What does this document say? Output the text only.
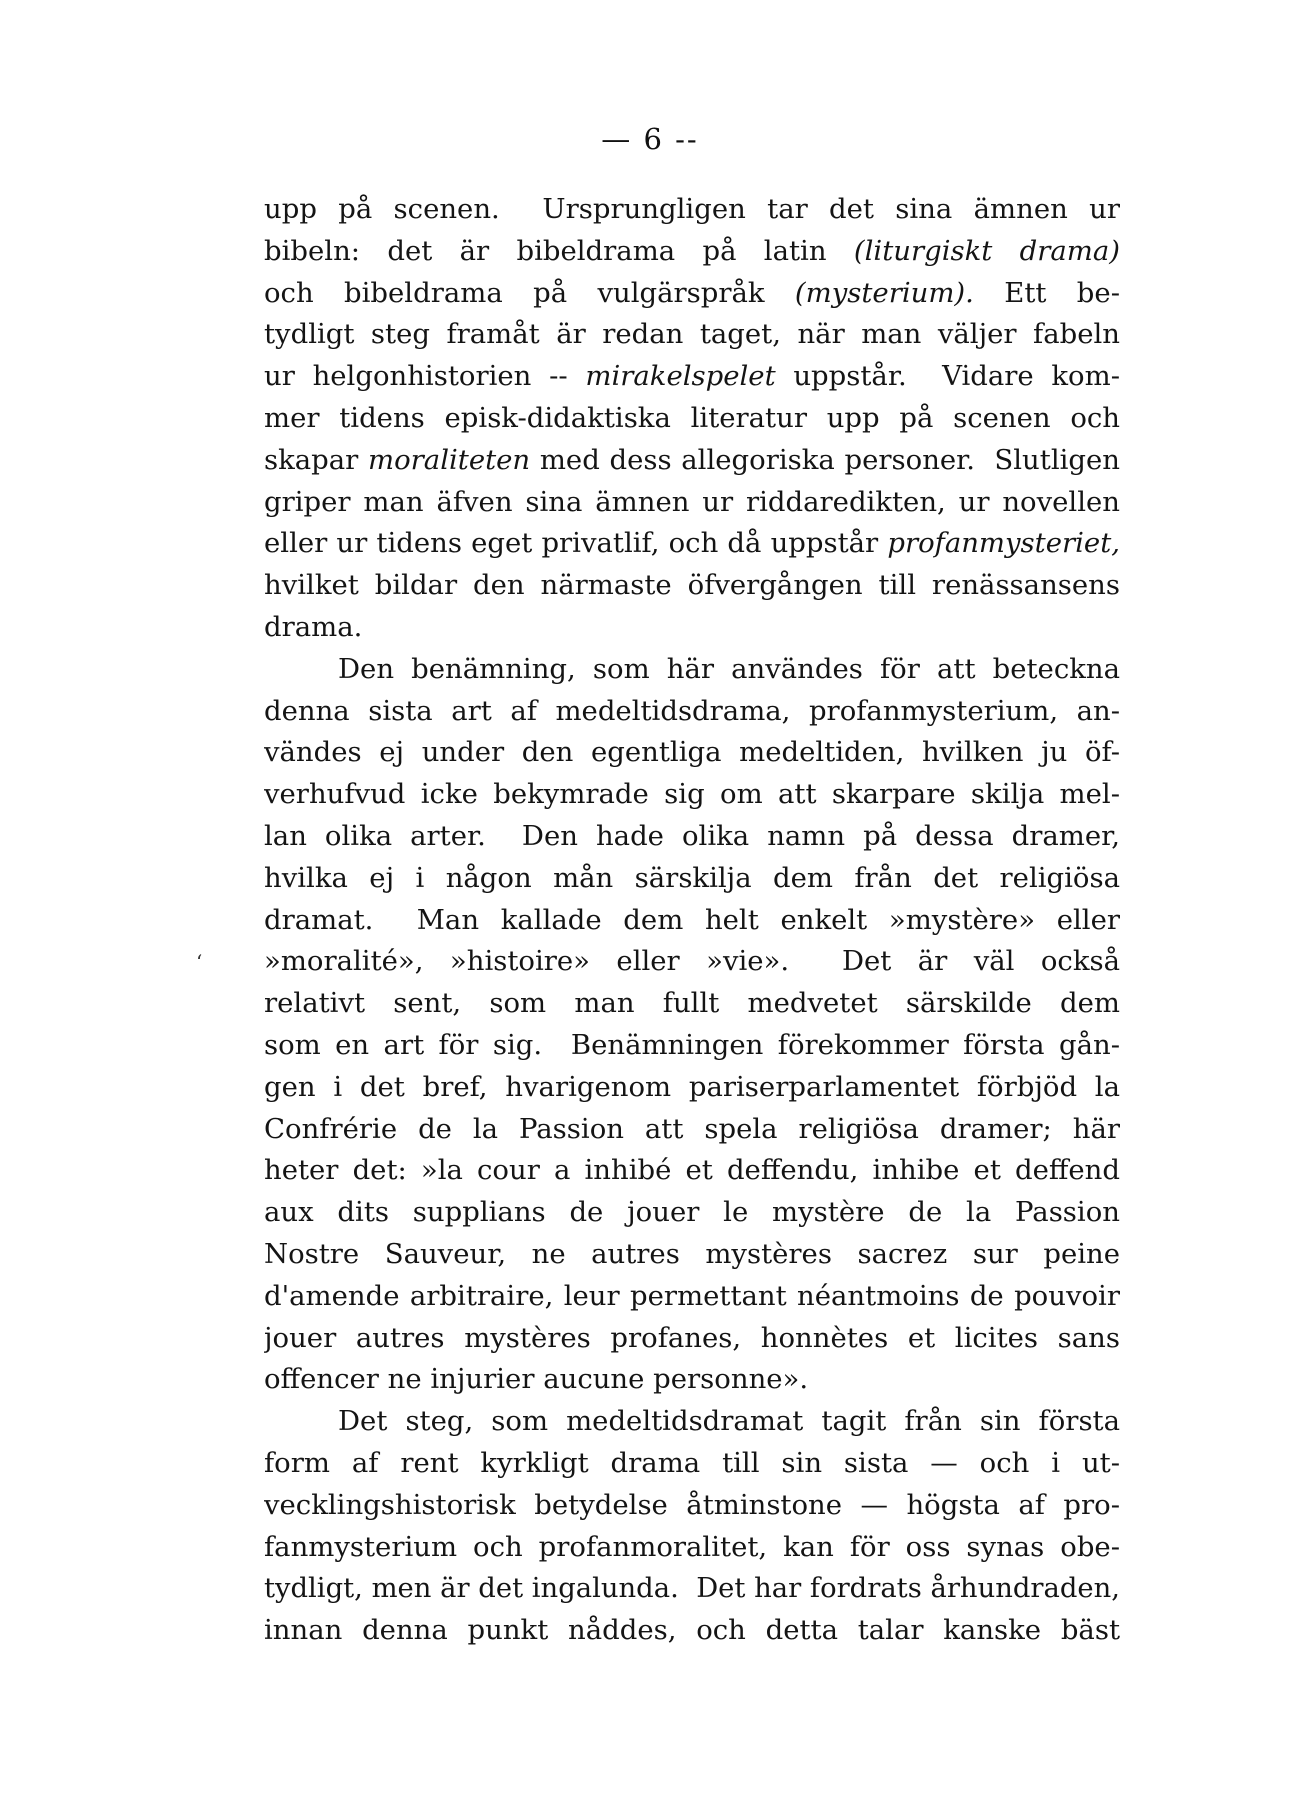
— 6 --
ʻ
upp på scenen.  Ursprungligen tar det sina ämnen ur
bibeln: det är bibeldrama på latin (liturgiskt drama)
och bibeldrama på vulgärspråk (mysterium). Ett be-
tydligt steg framåt är redan taget, när man väljer fabeln
ur helgonhistorien -- mirakelspelet uppstår.  Vidare kom-
mer tidens episk-didaktiska literatur upp på scenen och
skapar moraliteten med dess allegoriska personer.  Slutligen
griper man äfven sina ämnen ur riddaredikten, ur novellen
eller ur tidens eget privatlif, och då uppstår profanmysteriet,
hvilket bildar den närmaste öfvergången till renässansens
drama.
Den benämning, som här användes för att beteckna
denna sista art af medeltidsdrama, profanmysterium, an-
vändes ej under den egentliga medeltiden, hvilken ju öf-
verhufvud icke bekymrade sig om att skarpare skilja mel-
lan olika arter.  Den hade olika namn på dessa dramer,
hvilka ej i någon mån särskilja dem från det religiösa
dramat.  Man kallade dem helt enkelt »mystère» eller
»moralité», »histoire» eller »vie».  Det är väl också
relativt sent, som man fullt medvetet särskilde dem
som en art för sig.  Benämningen förekommer första gån-
gen i det bref, hvarigenom pariserparlamentet förbjöd la
Confrérie de la Passion att spela religiösa dramer; här
heter det: »la cour a inhibé et deffendu, inhibe et deffend
aux dits supplians de jouer le mystère de la Passion
Nostre Sauveur, ne autres mystères sacrez sur peine
d'amende arbitraire, leur permettant néantmoins de pouvoir
jouer autres mystères profanes, honnètes et licites sans
offencer ne injurier aucune personne».
Det steg, som medeltidsdramat tagit från sin första
form af rent kyrkligt drama till sin sista — och i ut-
vecklingshistorisk betydelse åtminstone — högsta af pro-
fanmysterium och profanmoralitet, kan för oss synas obe-
tydligt, men är det ingalunda.  Det har fordrats århundraden,
innan denna punkt nåddes, och detta talar kanske bäst
